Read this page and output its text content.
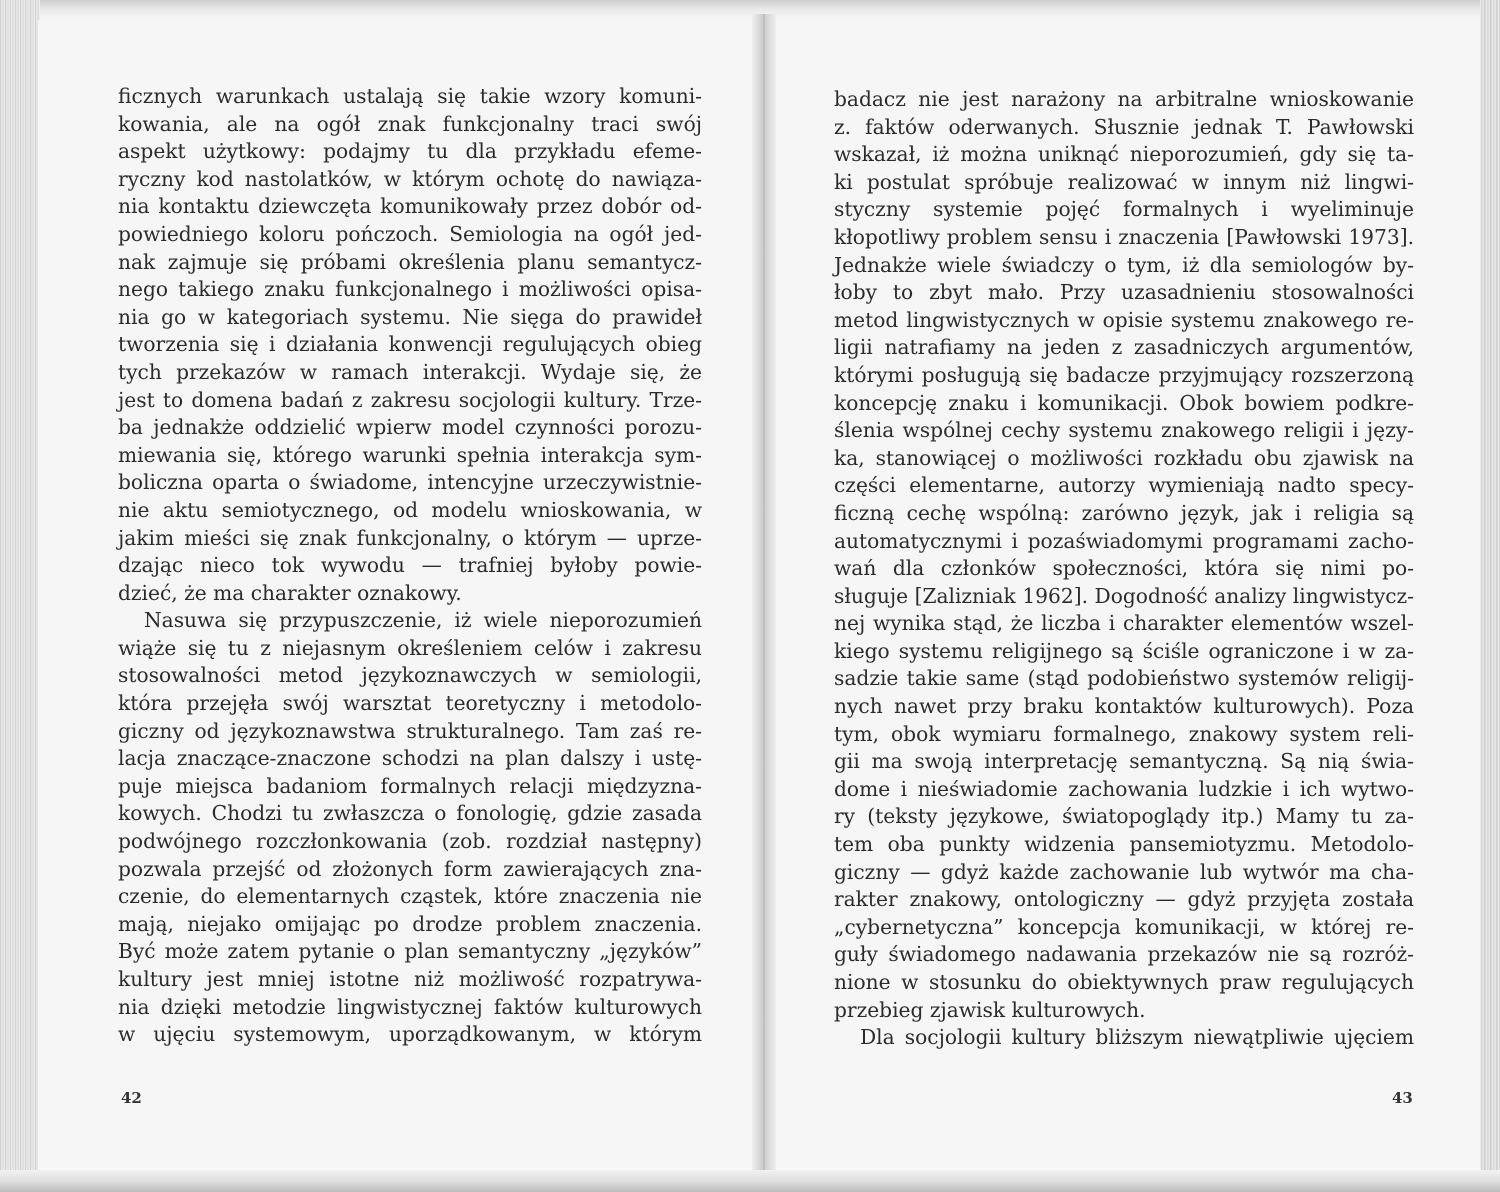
ficznych warunkach ustalają się takie wzory komuni-
kowania, ale na ogół znak funkcjonalny traci swój
aspekt użytkowy: podajmy tu dla przykładu efeme-
ryczny kod nastolatków, w którym ochotę do nawiąza-
nia kontaktu dziewczęta komunikowały przez dobór od-
powiedniego koloru pończoch. Semiologia na ogół jed-
nak zajmuje się próbami określenia planu semantycz-
nego takiego znaku funkcjonalnego i możliwości opisa-
nia go w kategoriach systemu. Nie sięga do prawideł
tworzenia się i działania konwencji regulujących obieg
tych przekazów w ramach interakcji. Wydaje się, że
jest to domena badań z zakresu socjologii kultury. Trze-
ba jednakże oddzielić wpierw model czynności porozu-
miewania się, którego warunki spełnia interakcja sym-
boliczna oparta o świadome, intencyjne urzeczywistnie-
nie aktu semiotycznego, od modelu wnioskowania, w
jakim mieści się znak funkcjonalny, o którym — uprze-
dzając nieco tok wywodu — trafniej byłoby powie-
dzieć, że ma charakter oznakowy.
Nasuwa się przypuszczenie, iż wiele nieporozumień
wiąże się tu z niejasnym określeniem celów i zakresu
stosowalności metod językoznawczych w semiologii,
która przejęła swój warsztat teoretyczny i metodolo-
giczny od językoznawstwa strukturalnego. Tam zaś re-
lacja znaczące-znaczone schodzi na plan dalszy i ustę-
puje miejsca badaniom formalnych relacji międzyzna-
kowych. Chodzi tu zwłaszcza o fonologię, gdzie zasada
podwójnego rozczłonkowania (zob. rozdział następny)
pozwala przejść od złożonych form zawierających zna-
czenie, do elementarnych cząstek, które znaczenia nie
mają, niejako omijając po drodze problem znaczenia.
Być może zatem pytanie o plan semantyczny „języków”
kultury jest mniej istotne niż możliwość rozpatrywa-
nia dzięki metodzie lingwistycznej faktów kulturowych
w ujęciu systemowym, uporządkowanym, w którym
badacz nie jest narażony na arbitralne wnioskowanie
z. faktów oderwanych. Słusznie jednak T. Pawłowski
wskazał, iż można uniknąć nieporozumień, gdy się ta-
ki postulat spróbuje realizować w innym niż lingwi-
styczny systemie pojęć formalnych i wyeliminuje
kłopotliwy problem sensu i znaczenia [Pawłowski 1973].
Jednakże wiele świadczy o tym, iż dla semiologów by-
łoby to zbyt mało. Przy uzasadnieniu stosowalności
metod lingwistycznych w opisie systemu znakowego re-
ligii natrafiamy na jeden z zasadniczych argumentów,
którymi posługują się badacze przyjmujący rozszerzoną
koncepcję znaku i komunikacji. Obok bowiem podkre-
ślenia wspólnej cechy systemu znakowego religii i języ-
ka, stanowiącej o możliwości rozkładu obu zjawisk na
części elementarne, autorzy wymieniają nadto specy-
ficzną cechę wspólną: zarówno język, jak i religia są
automatycznymi i pozaświadomymi programami zacho-
wań dla członków społeczności, która się nimi po-
sługuje [Zalizniak 1962]. Dogodność analizy lingwistycz-
nej wynika stąd, że liczba i charakter elementów wszel-
kiego systemu religijnego są ściśle ograniczone i w za-
sadzie takie same (stąd podobieństwo systemów religij-
nych nawet przy braku kontaktów kulturowych). Poza
tym, obok wymiaru formalnego, znakowy system reli-
gii ma swoją interpretację semantyczną. Są nią świa-
dome i nieświadomie zachowania ludzkie i ich wytwo-
ry (teksty językowe, światopoglądy itp.) Mamy tu za-
tem oba punkty widzenia pansemiotyzmu. Metodolo-
giczny — gdyż każde zachowanie lub wytwór ma cha-
rakter znakowy, ontologiczny — gdyż przyjęta została
„cybernetyczna” koncepcja komunikacji, w której re-
guły świadomego nadawania przekazów nie są rozróż-
nione w stosunku do obiektywnych praw regulujących
przebieg zjawisk kulturowych.
Dla socjologii kultury bliższym niewątpliwie ujęciem
42	43
